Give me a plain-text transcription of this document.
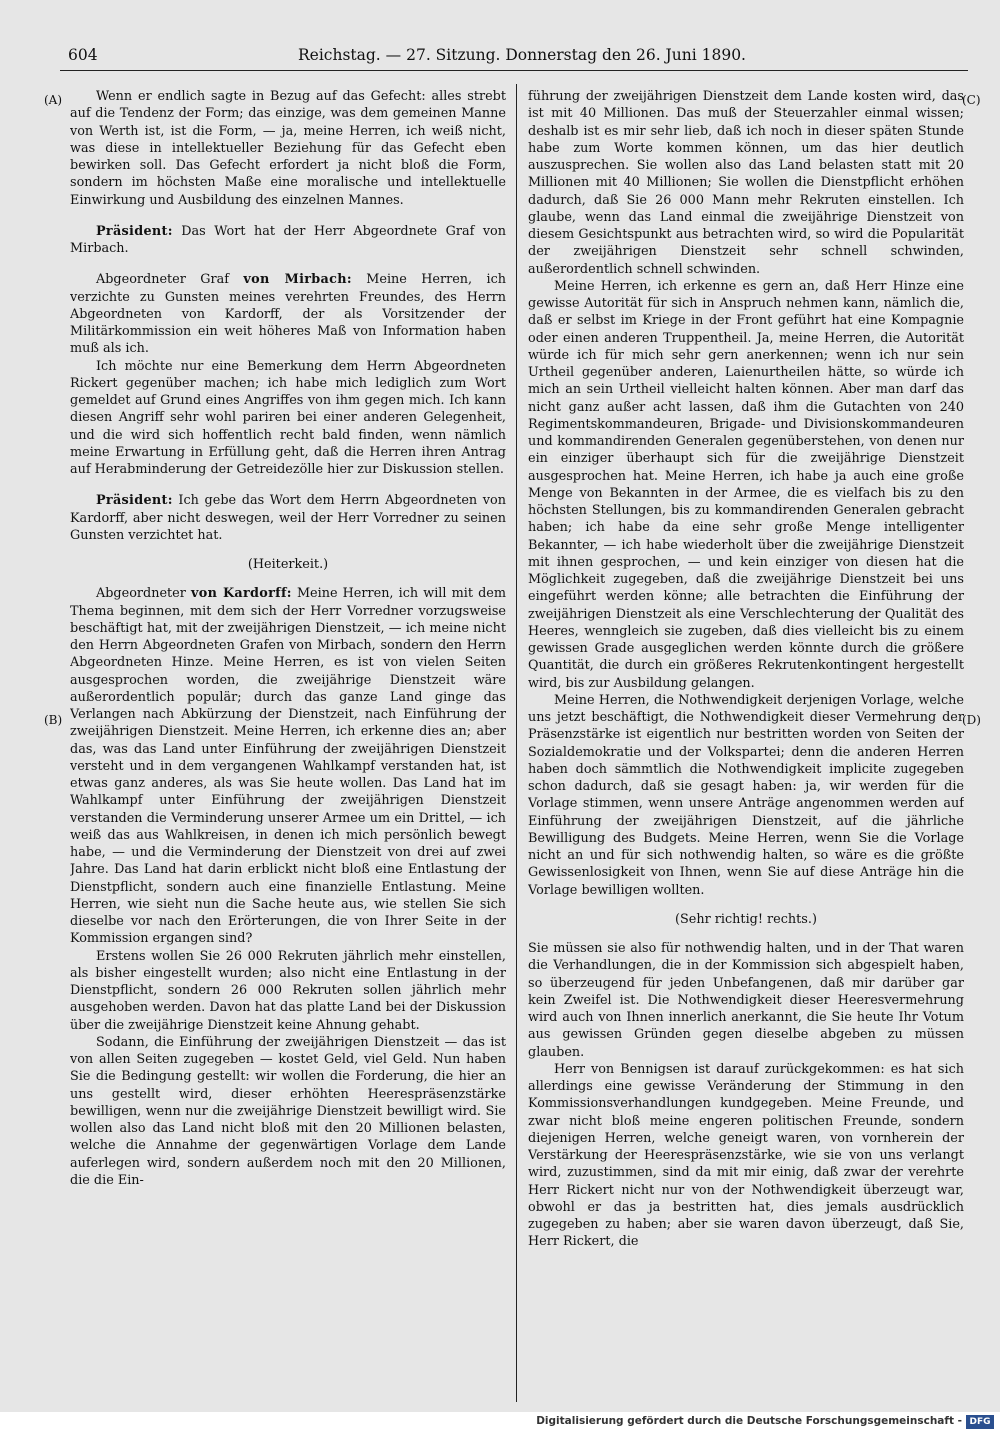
604	Reichstag. — 27. Sitzung. Donnerstag den 26. Juni 1890.
(A)
(B)
(C)
(D)

Wenn er endlich sagte in Bezug auf das Gefecht: alles strebt auf die Tendenz der Form; das einzige, was dem gemeinen Manne von Werth ist, ist die Form, — ja, meine Herren, ich weiß nicht, was diese in intellektueller Beziehung für das Gefecht eben bewirken soll. Das Gefecht erfordert ja nicht bloß die Form, sondern im höchsten Maße eine moralische und intellektuelle Einwirkung und Ausbildung des einzelnen Mannes.

Präsident: Das Wort hat der Herr Abgeordnete Graf von Mirbach.

Abgeordneter Graf von Mirbach: Meine Herren, ich verzichte zu Gunsten meines verehrten Freundes, des Herrn Abgeordneten von Kardorff, der als Vorsitzender der Militärkommission ein weit höheres Maß von Information haben muß als ich.

Ich möchte nur eine Bemerkung dem Herrn Abgeordneten Rickert gegenüber machen; ich habe mich lediglich zum Wort gemeldet auf Grund eines Angriffes von ihm gegen mich. Ich kann diesen Angriff sehr wohl pariren bei einer anderen Gelegenheit, und die wird sich hoffentlich recht bald finden, wenn nämlich meine Erwartung in Erfüllung geht, daß die Herren ihren Antrag auf Herabminderung der Getreidezölle hier zur Diskussion stellen.

Präsident: Ich gebe das Wort dem Herrn Abgeordneten von Kardorff, aber nicht deswegen, weil der Herr Vorredner zu seinen Gunsten verzichtet hat.

(Heiterkeit.)

Abgeordneter von Kardorff: Meine Herren, ich will mit dem Thema beginnen, mit dem sich der Herr Vorredner vorzugsweise beschäftigt hat, mit der zweijährigen Dienstzeit, — ich meine nicht den Herrn Abgeordneten Grafen von Mirbach, sondern den Herrn Abgeordneten Hinze. Meine Herren, es ist von vielen Seiten ausgesprochen worden, die zweijährige Dienstzeit wäre außerordentlich populär; durch das ganze Land ginge das Verlangen nach Abkürzung der Dienstzeit, nach Einführung der zweijährigen Dienstzeit. Meine Herren, ich erkenne dies an; aber das, was das Land unter Einführung der zweijährigen Dienstzeit versteht und in dem vergangenen Wahlkampf verstanden hat, ist etwas ganz anderes, als was Sie heute wollen. Das Land hat im Wahlkampf unter Einführung der zweijährigen Dienstzeit verstanden die Verminderung unserer Armee um ein Drittel, — ich weiß das aus Wahlkreisen, in denen ich mich persönlich bewegt habe, — und die Verminderung der Dienstzeit von drei auf zwei Jahre. Das Land hat darin erblickt nicht bloß eine Entlastung der Dienstpflicht, sondern auch eine finanzielle Entlastung. Meine Herren, wie sieht nun die Sache heute aus, wie stellen Sie sich dieselbe vor nach den Erörterungen, die von Ihrer Seite in der Kommission ergangen sind?

Erstens wollen Sie 26 000 Rekruten jährlich mehr einstellen, als bisher eingestellt wurden; also nicht eine Entlastung in der Dienstpflicht, sondern 26 000 Rekruten sollen jährlich mehr ausgehoben werden. Davon hat das platte Land bei der Diskussion über die zweijährige Dienstzeit keine Ahnung gehabt.

Sodann, die Einführung der zweijährigen Dienstzeit — das ist von allen Seiten zugegeben — kostet Geld, viel Geld. Nun haben Sie die Bedingung gestellt: wir wollen die Forderung, die hier an uns gestellt wird, dieser erhöhten Heerespräsenzstärke bewilligen, wenn nur die zweijährige Dienstzeit bewilligt wird. Sie wollen also das Land nicht bloß mit den 20 Millionen belasten, welche die Annahme der gegenwärtigen Vorlage dem Lande auferlegen wird, sondern außerdem noch mit den 20 Millionen, die die Ein-

führung der zweijährigen Dienstzeit dem Lande kosten wird, das ist mit 40 Millionen. Das muß der Steuerzahler einmal wissen; deshalb ist es mir sehr lieb, daß ich noch in dieser späten Stunde habe zum Worte kommen können, um das hier deutlich auszusprechen. Sie wollen also das Land belasten statt mit 20 Millionen mit 40 Millionen; Sie wollen die Dienstpflicht erhöhen dadurch, daß Sie 26 000 Mann mehr Rekruten einstellen. Ich glaube, wenn das Land einmal die zweijährige Dienstzeit von diesem Gesichtspunkt aus betrachten wird, so wird die Popularität der zweijährigen Dienstzeit sehr schnell schwinden, außerordentlich schnell schwinden.

Meine Herren, ich erkenne es gern an, daß Herr Hinze eine gewisse Autorität für sich in Anspruch nehmen kann, nämlich die, daß er selbst im Kriege in der Front geführt hat eine Kompagnie oder einen anderen Truppentheil. Ja, meine Herren, die Autorität würde ich für mich sehr gern anerkennen; wenn ich nur sein Urtheil gegenüber anderen, Laienurtheilen hätte, so würde ich mich an sein Urtheil vielleicht halten können. Aber man darf das nicht ganz außer acht lassen, daß ihm die Gutachten von 240 Regimentskommandeuren, Brigade- und Divisionskommandeuren und kommandirenden Generalen gegenüberstehen, von denen nur ein einziger überhaupt sich für die zweijährige Dienstzeit ausgesprochen hat. Meine Herren, ich habe ja auch eine große Menge von Bekannten in der Armee, die es vielfach bis zu den höchsten Stellungen, bis zu kommandirenden Generalen gebracht haben; ich habe da eine sehr große Menge intelligenter Bekannter, — ich habe wiederholt über die zweijährige Dienstzeit mit ihnen gesprochen, — und kein einziger von diesen hat die Möglichkeit zugegeben, daß die zweijährige Dienstzeit bei uns eingeführt werden könne; alle betrachten die Einführung der zweijährigen Dienstzeit als eine Verschlechterung der Qualität des Heeres, wenngleich sie zugeben, daß dies vielleicht bis zu einem gewissen Grade ausgeglichen werden könnte durch die größere Quantität, die durch ein größeres Rekrutenkontingent hergestellt wird, bis zur Ausbildung gelangen.

Meine Herren, die Nothwendigkeit derjenigen Vorlage, welche uns jetzt beschäftigt, die Nothwendigkeit dieser Vermehrung der Präsenzstärke ist eigentlich nur bestritten worden von Seiten der Sozialdemokratie und der Volkspartei; denn die anderen Herren haben doch sämmtlich die Nothwendigkeit implicite zugegeben schon dadurch, daß sie gesagt haben: ja, wir werden für die Vorlage stimmen, wenn unsere Anträge angenommen werden auf Einführung der zweijährigen Dienstzeit, auf die jährliche Bewilligung des Budgets. Meine Herren, wenn Sie die Vorlage nicht an und für sich nothwendig halten, so wäre es die größte Gewissenlosigkeit von Ihnen, wenn Sie auf diese Anträge hin die Vorlage bewilligen wollten.

(Sehr richtig! rechts.)

Sie müssen sie also für nothwendig halten, und in der That waren die Verhandlungen, die in der Kommission sich abgespielt haben, so überzeugend für jeden Unbefangenen, daß mir darüber gar kein Zweifel ist. Die Nothwendigkeit dieser Heeresvermehrung wird auch von Ihnen innerlich anerkannt, die Sie heute Ihr Votum aus gewissen Gründen gegen dieselbe abgeben zu müssen glauben.

Herr von Bennigsen ist darauf zurückgekommen: es hat sich allerdings eine gewisse Veränderung der Stimmung in den Kommissionsverhandlungen kundgegeben. Meine Freunde, und zwar nicht bloß meine engeren politischen Freunde, sondern diejenigen Herren, welche geneigt waren, von vornherein der Verstärkung der Heerespräsenzstärke, wie sie von uns verlangt wird, zuzustimmen, sind da mit mir einig, daß zwar der verehrte Herr Rickert nicht nur von der Nothwendigkeit überzeugt war, obwohl er das ja bestritten hat, dies jemals ausdrücklich zugegeben zu haben; aber sie waren davon überzeugt, daß Sie, Herr Rickert, die

Digitalisierung gefördert durch die Deutsche Forschungsgemeinschaft - DFG
